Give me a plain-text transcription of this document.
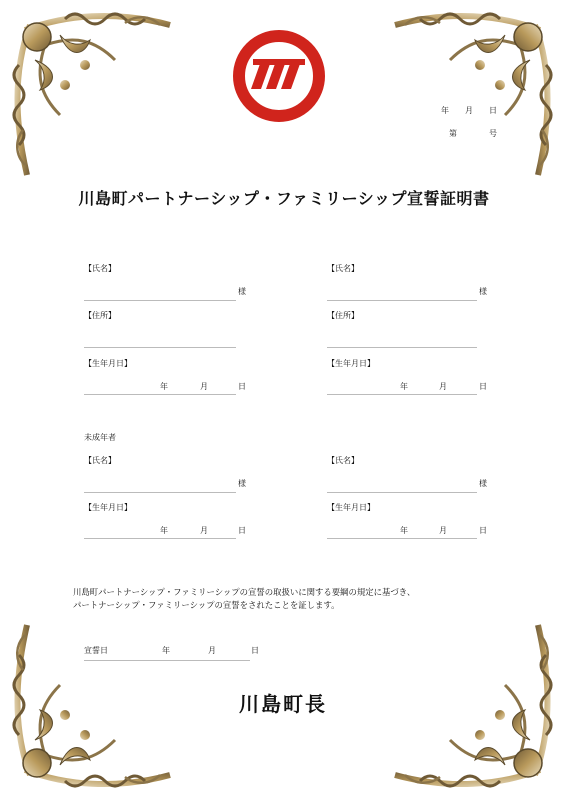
年　　月　　日
第　　　　号
川島町パートナーシップ・ファミリーシップ宣誓証明書
【氏名】
様
【住所】
【生年月日】
年	月	日
【氏名】
様
【住所】
【生年月日】
年	月	日
未成年者
【氏名】
様
【生年月日】
年	月	日
【氏名】
様
【生年月日】
年	月	日
川島町パートナーシップ・ファミリーシップの宣誓の取扱いに関する要綱の規定に基づき、
パートナーシップ・ファミリーシップの宣誓をされたことを証します。
宣誓日	年	月	日
川島町長
